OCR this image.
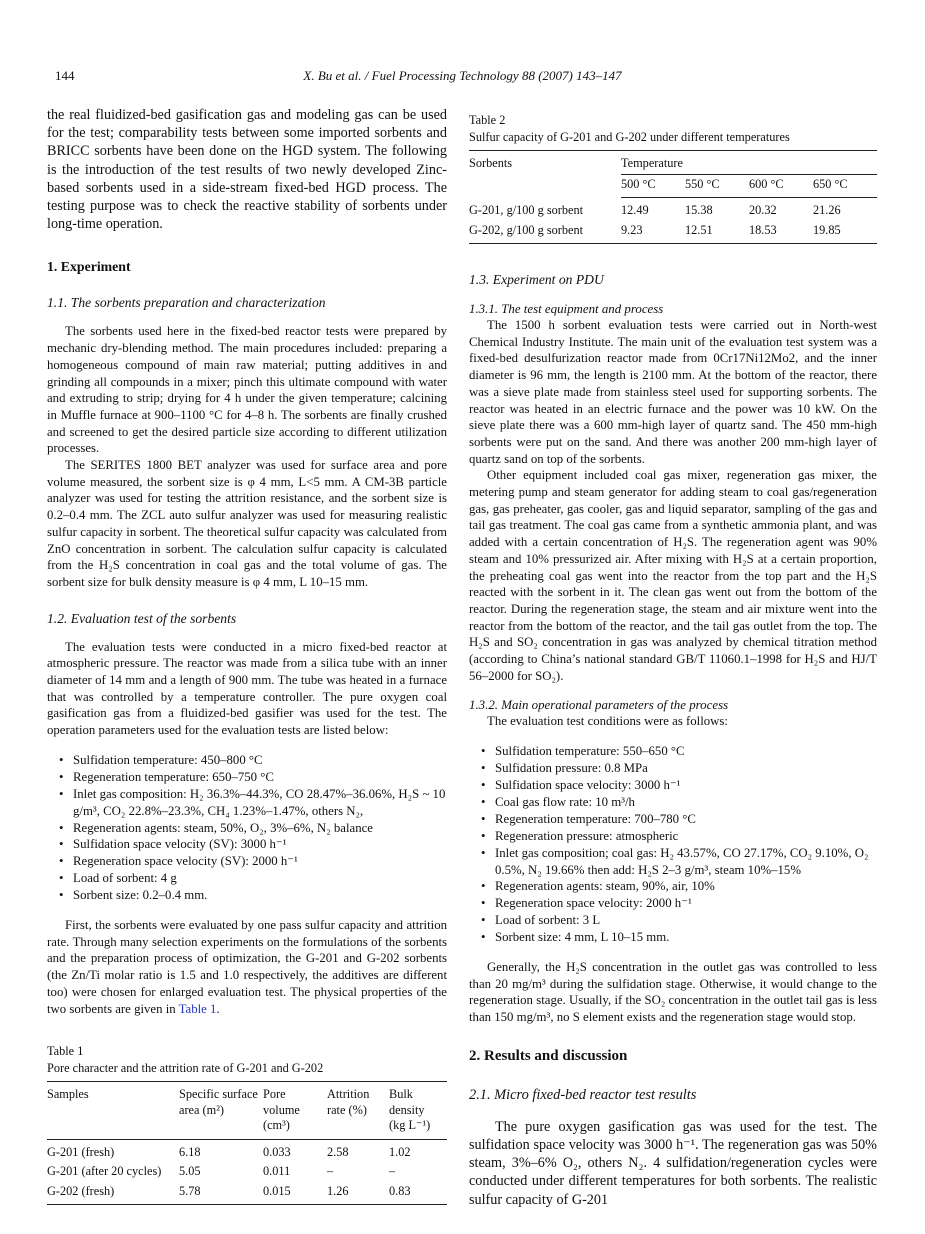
144	X. Bu et al. / Fuel Processing Technology 88 (2007) 143–147

the real fluidized-bed gasification gas and modeling gas can be used for the test; comparability tests between some imported sorbents and BRICC sorbents have been done on the HGD system. The following is the introduction of the test results of two newly developed Zinc-based sorbents used in a side-stream fixed-bed HGD process. The testing purpose was to check the reactive stability of sorbents under long-time operation.

1. Experiment
1.1. The sorbents preparation and characterization

The sorbents used here in the fixed-bed reactor tests were prepared by mechanic dry-blending method. The main procedures included: preparing a homogeneous compound of main raw material; putting additives in and grinding all compounds in a mixer; pinch this ultimate compound with water and extruding to strip; drying for 4 h under the given temperature; calcining in Muffle furnace at 900–1100 °C for 4–8 h. The sorbents are finally crushed and screened to get the desired particle size according to different utilization processes.

The SERITES 1800 BET analyzer was used for surface area and pore volume measured, the sorbent size is φ 4 mm, L<5 mm. A CM-3B particle analyzer was used for testing the attrition resistance, and the sorbent size is 0.2–0.4 mm. The ZCL auto sulfur analyzer was used for measuring realistic sulfur capacity in sorbent. The theoretical sulfur capacity was calculated from ZnO concentration in sorbent. The calculation sulfur capacity is calculated from the H₂S concentration in coal gas and the total volume of gas. The sorbent size for bulk density measure is φ 4 mm, L 10–15 mm.

1.2. Evaluation test of the sorbents

The evaluation tests were conducted in a micro fixed-bed reactor at atmospheric pressure. The reactor was made from a silica tube with an inner diameter of 14 mm and a length of 900 mm. The tube was heated in a furnace that was controlled by a temperature controller. The pure oxygen coal gasification gas from a fluidized-bed gasifier was used for the test. The operation parameters used for the evaluation tests are listed below:

• Sulfidation temperature: 450–800 °C
• Regeneration temperature: 650–750 °C
• Inlet gas composition: H₂ 36.3%–44.3%, CO 28.47%–36.06%, H₂S ~ 10 g/m³, CO₂ 22.8%–23.3%, CH₄ 1.23%–1.47%, others N₂,
• Regeneration agents: steam, 50%, O₂, 3%–6%, N₂ balance
• Sulfidation space velocity (SV): 3000 h⁻¹
• Regeneration space velocity (SV): 2000 h⁻¹
• Load of sorbent: 4 g
• Sorbent size: 0.2–0.4 mm.

First, the sorbents were evaluated by one pass sulfur capacity and attrition rate. Through many selection experiments on the formulations of the sorbents and the preparation process of optimization, the G-201 and G-202 sorbents (the Zn/Ti molar ratio is 1.5 and 1.0 respectively, the additives are different too) were chosen for enlarged evaluation test. The physical properties of the two sorbents are given in Table 1.

Table 1
Pore character and the attrition rate of G-201 and G-202

Samples	Specific surface area (m²)	Pore volume (cm³)	Attrition rate (%)	Bulk density (kg L⁻¹)
G-201 (fresh)	6.18	0.033	2.58	1.02
G-201 (after 20 cycles)	5.05	0.011	–	–
G-202 (fresh)	5.78	0.015	1.26	0.83

Table 2
Sulfur capacity of G-201 and G-202 under different temperatures

Sorbents	Temperature			
	500 °C	550 °C	600 °C	650 °C
G-201, g/100 g sorbent	12.49	15.38	20.32	21.26
G-202, g/100 g sorbent	9.23	12.51	18.53	19.85
1.3. Experiment on PDU
1.3.1. The test equipment and process

The 1500 h sorbent evaluation tests were carried out in North-west Chemical Industry Institute. The main unit of the evaluation test system was a fixed-bed desulfurization reactor made from 0Cr17Ni12Mo2, and the inner diameter is 96 mm, the length is 2100 mm. At the bottom of the reactor, there was a sieve plate made from stainless steel used for supporting sorbents. The reactor was heated in an electric furnace and the power was 10 kW. On the sieve plate there was a 600 mm-high layer of quartz sand. The 450 mm-high sorbents were put on the sand. And there was another 200 mm-high layer of quartz sand on top of the sorbents.

Other equipment included coal gas mixer, regeneration gas mixer, the metering pump and steam generator for adding steam to coal gas/regeneration gas, gas preheater, gas cooler, gas and liquid separator, sampling of the gas and tail gas treatment. The coal gas came from a synthetic ammonia plant, and was added with a certain concentration of H₂S. The regeneration agent was 90% steam and 10% pressurized air. After mixing with H₂S at a certain proportion, the preheating coal gas went into the reactor from the top part and the H₂S reacted with the sorbent in it. The clean gas went out from the bottom of the reactor. During the regeneration stage, the steam and air mixture went into the reactor from the bottom of the reactor, and the tail gas outlet from the top. The H₂S and SO₂ concentration in gas was analyzed by chemical titration method (according to China’s national standard GB/T 11060.1–1998 for H₂S and HJ/T 56–2000 for SO₂).

1.3.2. Main operational parameters of the process

The evaluation test conditions were as follows:

• Sulfidation temperature: 550–650 °C
• Sulfidation pressure: 0.8 MPa
• Sulfidation space velocity: 3000 h⁻¹
• Coal gas flow rate: 10 m³/h
• Regeneration temperature: 700–780 °C
• Regeneration pressure: atmospheric
• Inlet gas composition; coal gas: H₂ 43.57%, CO 27.17%, CO₂ 9.10%, O₂ 0.5%, N₂ 19.66% then add: H₂S 2–3 g/m³, steam 10%–15%
• Regeneration agents: steam, 90%, air, 10%
• Regeneration space velocity: 2000 h⁻¹
• Load of sorbent: 3 L
• Sorbent size: 4 mm, L 10–15 mm.

Generally, the H₂S concentration in the outlet gas was controlled to less than 20 mg/m³ during the sulfidation stage. Otherwise, it would change to the regeneration stage. Usually, if the SO₂ concentration in the outlet tail gas is less than 150 mg/m³, no S element exists and the regeneration stage would stop.

2. Results and discussion
2.1. Micro fixed-bed reactor test results

The pure oxygen gasification gas was used for the test. The sulfidation space velocity was 3000 h⁻¹. The regeneration gas was 50% steam, 3%–6% O₂, others N₂. 4 sulfidation/regeneration cycles were conducted under different temperatures for both sorbents. The realistic sulfur capacity of G-201
